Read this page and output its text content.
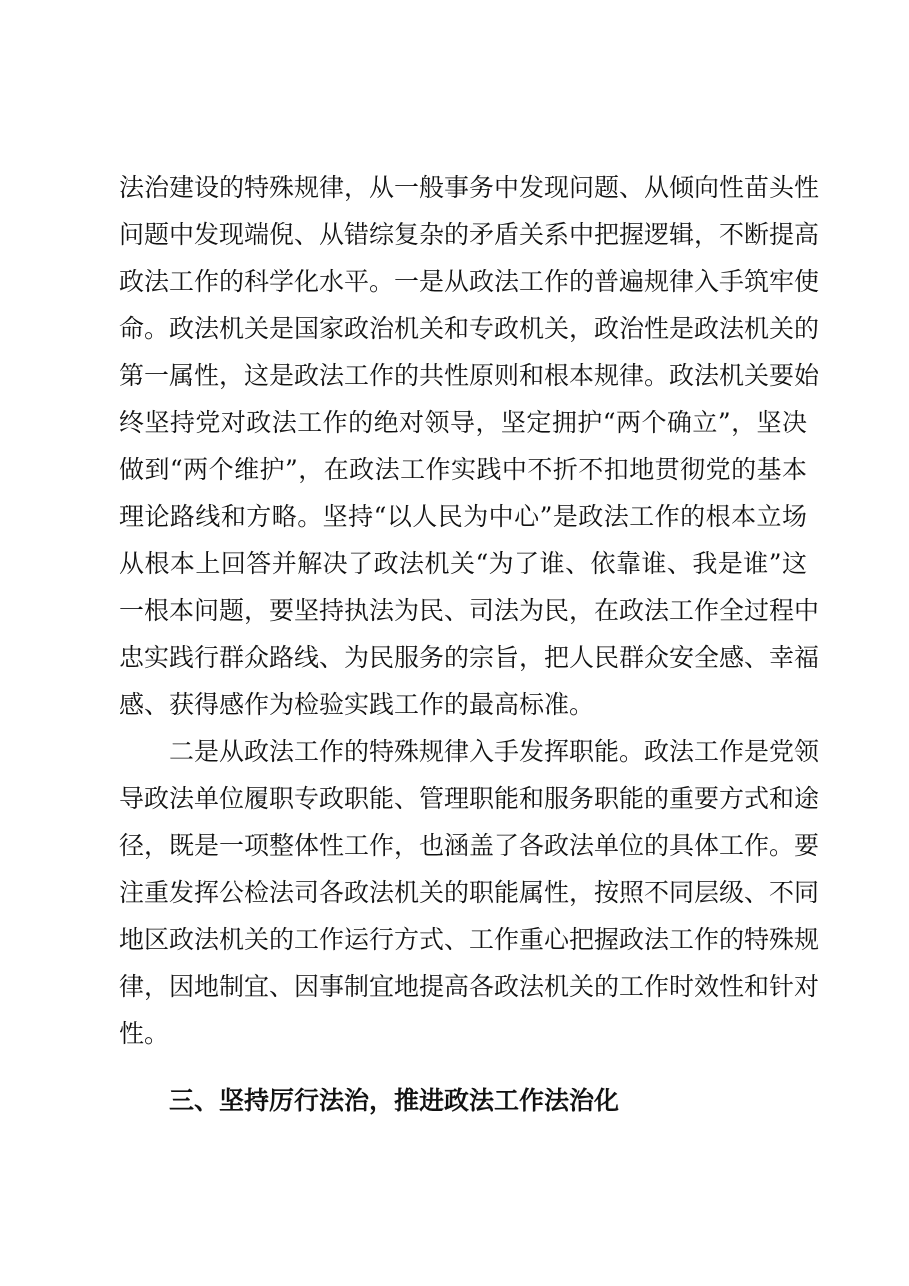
法治建设的特殊规律，从一般事务中发现问题、从倾向性苗头性
问题中发现端倪、从错综复杂的矛盾关系中把握逻辑，不断提高
政法工作的科学化水平。一是从政法工作的普遍规律入手筑牢使
命。政法机关是国家政治机关和专政机关，政治性是政法机关的
第一属性，这是政法工作的共性原则和根本规律。政法机关要始
终坚持党对政法工作的绝对领导，坚定拥护“两个确立”，坚决
做到“两个维护”，在政法工作实践中不折不扣地贯彻党的基本
理论路线和方略。坚持“以人民为中心”是政法工作的根本立场
从根本上回答并解决了政法机关“为了谁、依靠谁、我是谁”这
一根本问题，要坚持执法为民、司法为民，在政法工作全过程中
忠实践行群众路线、为民服务的宗旨，把人民群众安全感、幸福
感、获得感作为检验实践工作的最高标准。
二是从政法工作的特殊规律入手发挥职能。政法工作是党领
导政法单位履职专政职能、管理职能和服务职能的重要方式和途
径，既是一项整体性工作，也涵盖了各政法单位的具体工作。要
注重发挥公检法司各政法机关的职能属性，按照不同层级、不同
地区政法机关的工作运行方式、工作重心把握政法工作的特殊规
律，因地制宜、因事制宜地提高各政法机关的工作时效性和针对
性。
三、坚持厉行法治，推进政法工作法治化
